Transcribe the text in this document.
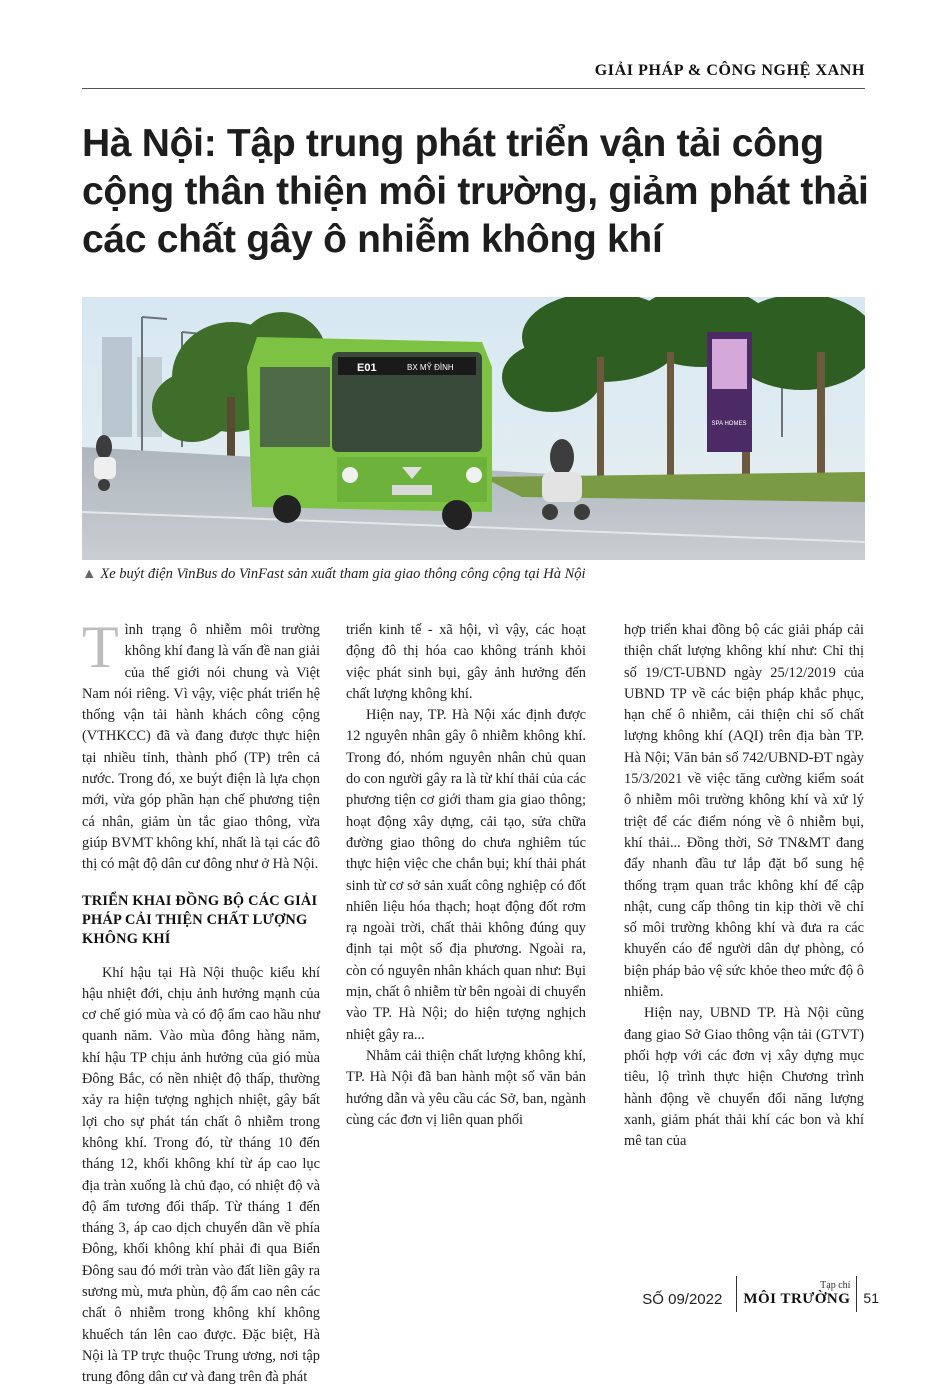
GIẢI PHÁP & CÔNG NGHỆ XANH
Hà Nội: Tập trung phát triển vận tải công cộng thân thiện môi trường, giảm phát thải các chất gây ô nhiễm không khí
SPA HOMES
E01	BX MỸ ĐÌNH
▲ Xe buýt điện VinBus do VinFast sản xuất tham gia giao thông công cộng tại Hà Nội

Tình trạng ô nhiễm môi trường không khí đang là vấn đề nan giải của thế giới nói chung và Việt Nam nói riêng. Vì vậy, việc phát triển hệ thống vận tải hành khách công cộng (VTHKCC) đã và đang được thực hiện tại nhiều tỉnh, thành phố (TP) trên cả nước. Trong đó, xe buýt điện là lựa chọn mới, vừa góp phần hạn chế phương tiện cá nhân, giảm ùn tắc giao thông, vừa giúp BVMT không khí, nhất là tại các đô thị có mật độ dân cư đông như ở Hà Nội.

TRIỂN KHAI ĐỒNG BỘ CÁC GIẢI PHÁP CẢI THIỆN CHẤT LƯỢNG KHÔNG KHÍ

Khí hậu tại Hà Nội thuộc kiểu khí hậu nhiệt đới, chịu ảnh hưởng mạnh của cơ chế gió mùa và có độ ẩm cao hầu như quanh năm. Vào mùa đông hàng năm, khí hậu TP chịu ảnh hưởng của gió mùa Đông Bắc, có nền nhiệt độ thấp, thường xảy ra hiện tượng nghịch nhiệt, gây bất lợi cho sự phát tán chất ô nhiễm trong không khí. Trong đó, từ tháng 10 đến tháng 12, khối không khí từ áp cao lục địa tràn xuống là chủ đạo, có nhiệt độ và độ ẩm tương đối thấp. Từ tháng 1 đến tháng 3, áp cao dịch chuyển dần về phía Đông, khối không khí phải đi qua Biển Đông sau đó mới tràn vào đất liền gây ra sương mù, mưa phùn, độ ẩm cao nên các chất ô nhiễm trong không khí không khuếch tán lên cao được. Đặc biệt, Hà Nội là TP trực thuộc Trung ương, nơi tập trung đông dân cư và đang trên đà phát

triển kinh tế - xã hội, vì vậy, các hoạt động đô thị hóa cao không tránh khỏi việc phát sinh bụi, gây ảnh hưởng đến chất lượng không khí.

Hiện nay, TP. Hà Nội xác định được 12 nguyên nhân gây ô nhiễm không khí. Trong đó, nhóm nguyên nhân chủ quan do con người gây ra là từ khí thải của các phương tiện cơ giới tham gia giao thông; hoạt động xây dựng, cải tạo, sửa chữa đường giao thông do chưa nghiêm túc thực hiện việc che chắn bụi; khí thải phát sinh từ cơ sở sản xuất công nghiệp có đốt nhiên liệu hóa thạch; hoạt động đốt rơm rạ ngoài trời, chất thải không đúng quy định tại một số địa phương. Ngoài ra, còn có nguyên nhân khách quan như: Bụi mịn, chất ô nhiễm từ bên ngoài di chuyển vào TP. Hà Nội; do hiện tượng nghịch nhiệt gây ra...

Nhằm cải thiện chất lượng không khí, TP. Hà Nội đã ban hành một số văn bản hướng dẫn và yêu cầu các Sở, ban, ngành cùng các đơn vị liên quan phối

hợp triển khai đồng bộ các giải pháp cải thiện chất lượng không khí như: Chỉ thị số 19/CT-UBND ngày 25/12/2019 của UBND TP về các biện pháp khắc phục, hạn chế ô nhiễm, cải thiện chỉ số chất lượng không khí (AQI) trên địa bàn TP. Hà Nội; Văn bản số 742/UBND-ĐT ngày 15/3/2021 về việc tăng cường kiểm soát ô nhiễm môi trường không khí và xử lý triệt để các điểm nóng về ô nhiễm bụi, khí thải... Đồng thời, Sở TN&MT đang đẩy nhanh đầu tư lắp đặt bổ sung hệ thống trạm quan trắc không khí để cập nhật, cung cấp thông tin kịp thời về chỉ số môi trường không khí và đưa ra các khuyến cáo để người dân dự phòng, có biện pháp bảo vệ sức khỏe theo mức độ ô nhiễm.

Hiện nay, UBND TP. Hà Nội cũng đang giao Sở Giao thông vận tải (GTVT) phối hợp với các đơn vị xây dựng mục tiêu, lộ trình thực hiện Chương trình hành động về chuyển đổi năng lượng xanh, giảm phát thải khí các bon và khí mê tan của

SỐ 09/2022
Tạp chí
MÔI TRƯỜNG 51
